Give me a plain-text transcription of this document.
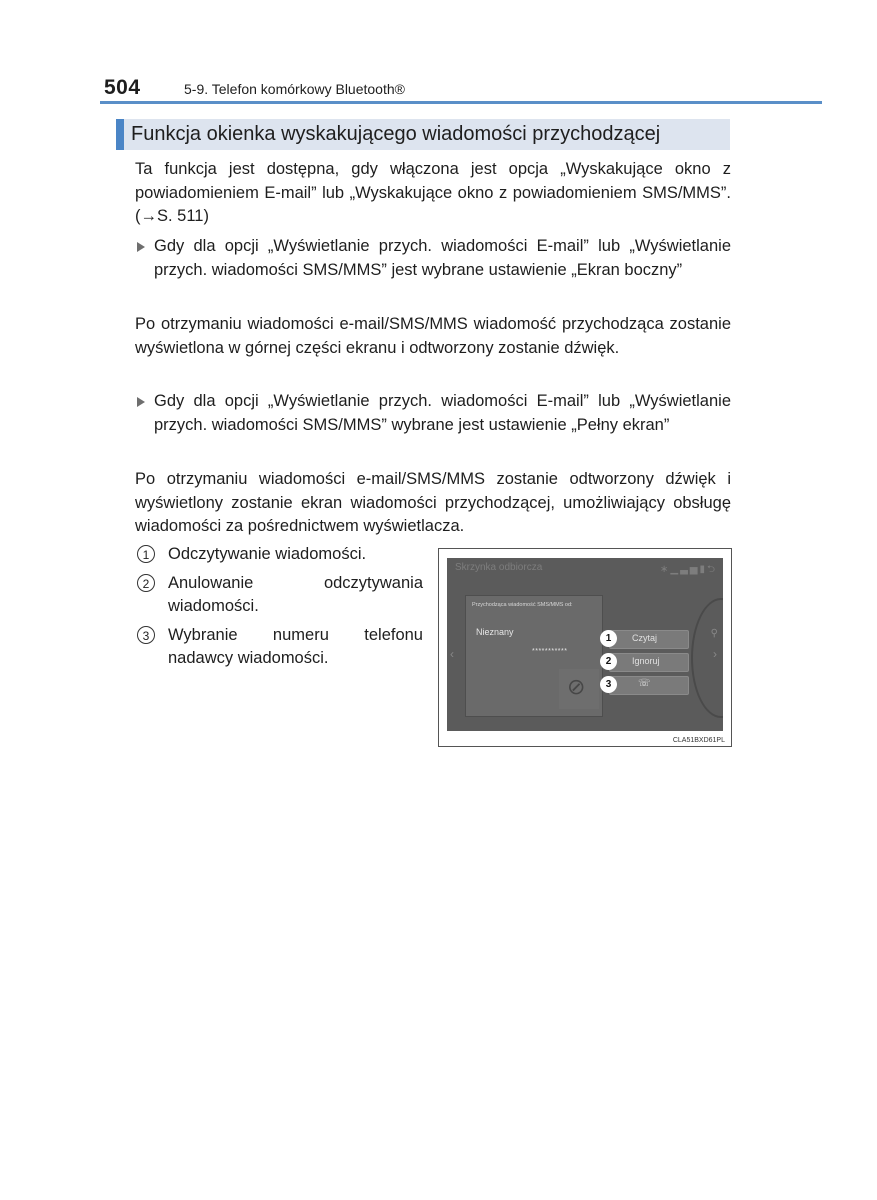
504	5-9. Telefon komórkowy Bluetooth®
Funkcja okienka wyskakującego wiadomości przychodzącej
Ta funkcja jest dostępna, gdy włączona jest opcja „Wyskakujące okno z powiadomieniem E-mail” lub „Wyskakujące okno z powiadomieniem SMS/MMS”. (→S. 511)
Gdy dla opcji „Wyświetlanie przych. wiadomości E-mail” lub „Wyświetlanie przych. wiadomości SMS/MMS” jest wybrane ustawienie „Ekran boczny”
Po otrzymaniu wiadomości e-mail/SMS/MMS wiadomość przychodząca zostanie wyświetlona w górnej części ekranu i odtworzony zostanie dźwięk.
Gdy dla opcji „Wyświetlanie przych. wiadomości E-mail” lub „Wyświetlanie przych. wiadomości SMS/MMS” wybrane jest ustawienie „Pełny ekran”
Po otrzymaniu wiadomości e-mail/SMS/MMS zostanie odtworzony dźwięk i wyświetlony zostanie ekran wiadomości przychodzącej, umożliwiający obsługę wiadomości za pośrednictwem wyświetlacza.
1	Odczytywanie wiadomości.
2	Anulowanie odczytywania wiadomości.
3	Wybranie numeru telefonu nadawcy wiadomości.
Skrzynka odbiorcza	∗▁▃▅▮⮌
‹	›
⚲
Przychodząca wiadomość SMS/MMS od:
Nieznany
***********
⊘
Czytaj
Ignoruj
☏
1
2
3
CLA51BXD61PL
